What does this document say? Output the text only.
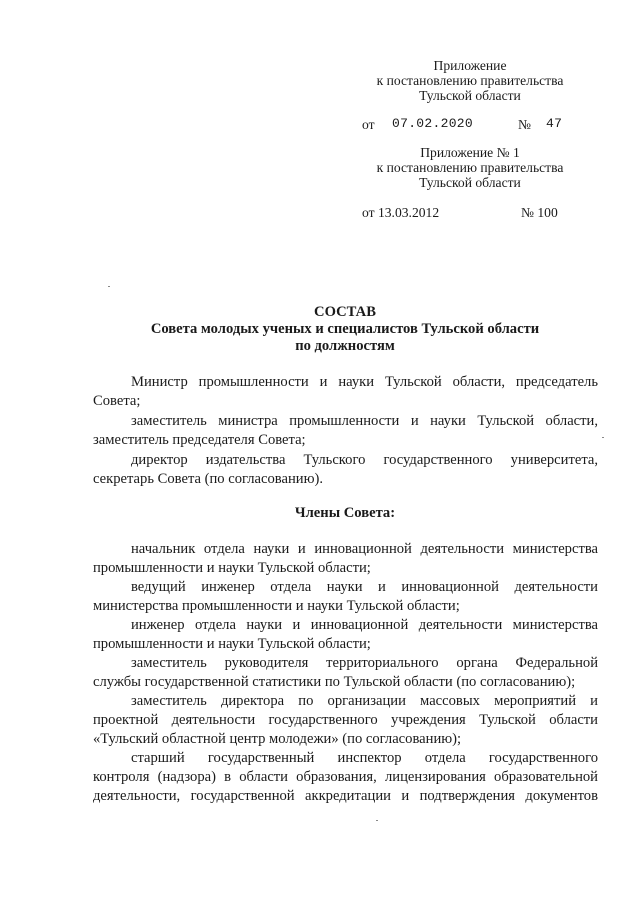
Приложение
к постановлению правительства
Тульской области
от 07.02.2020	№ 47
Приложение № 1
к постановлению правительства
Тульской области
от 13.03.2012	№ 100
СОСТАВ
Совета молодых ученых и специалистов Тульской области
по должностям
Министр промышленности и науки Тульской области, председатель
Совета;
заместитель министра промышленности и науки Тульской области,
заместитель председателя Совета;
директор издательства Тульского государственного университета,
секретарь Совета (по согласованию).
Члены Совета:
начальник отдела науки и инновационной деятельности министерства
промышленности и науки Тульской области;
ведущий инженер отдела науки и инновационной деятельности
министерства промышленности и науки Тульской области;
инженер отдела науки и инновационной деятельности министерства
промышленности и науки Тульской области;
заместитель руководителя территориального органа Федеральной
службы государственной статистики по Тульской области (по согласованию);
заместитель директора по организации массовых мероприятий и
проектной деятельности государственного учреждения Тульской области
«Тульский областной центр молодежи» (по согласованию);
старший государственный инспектор отдела государственного
контроля (надзора) в области образования, лицензирования образовательной
деятельности, государственной аккредитации и подтверждения документов
